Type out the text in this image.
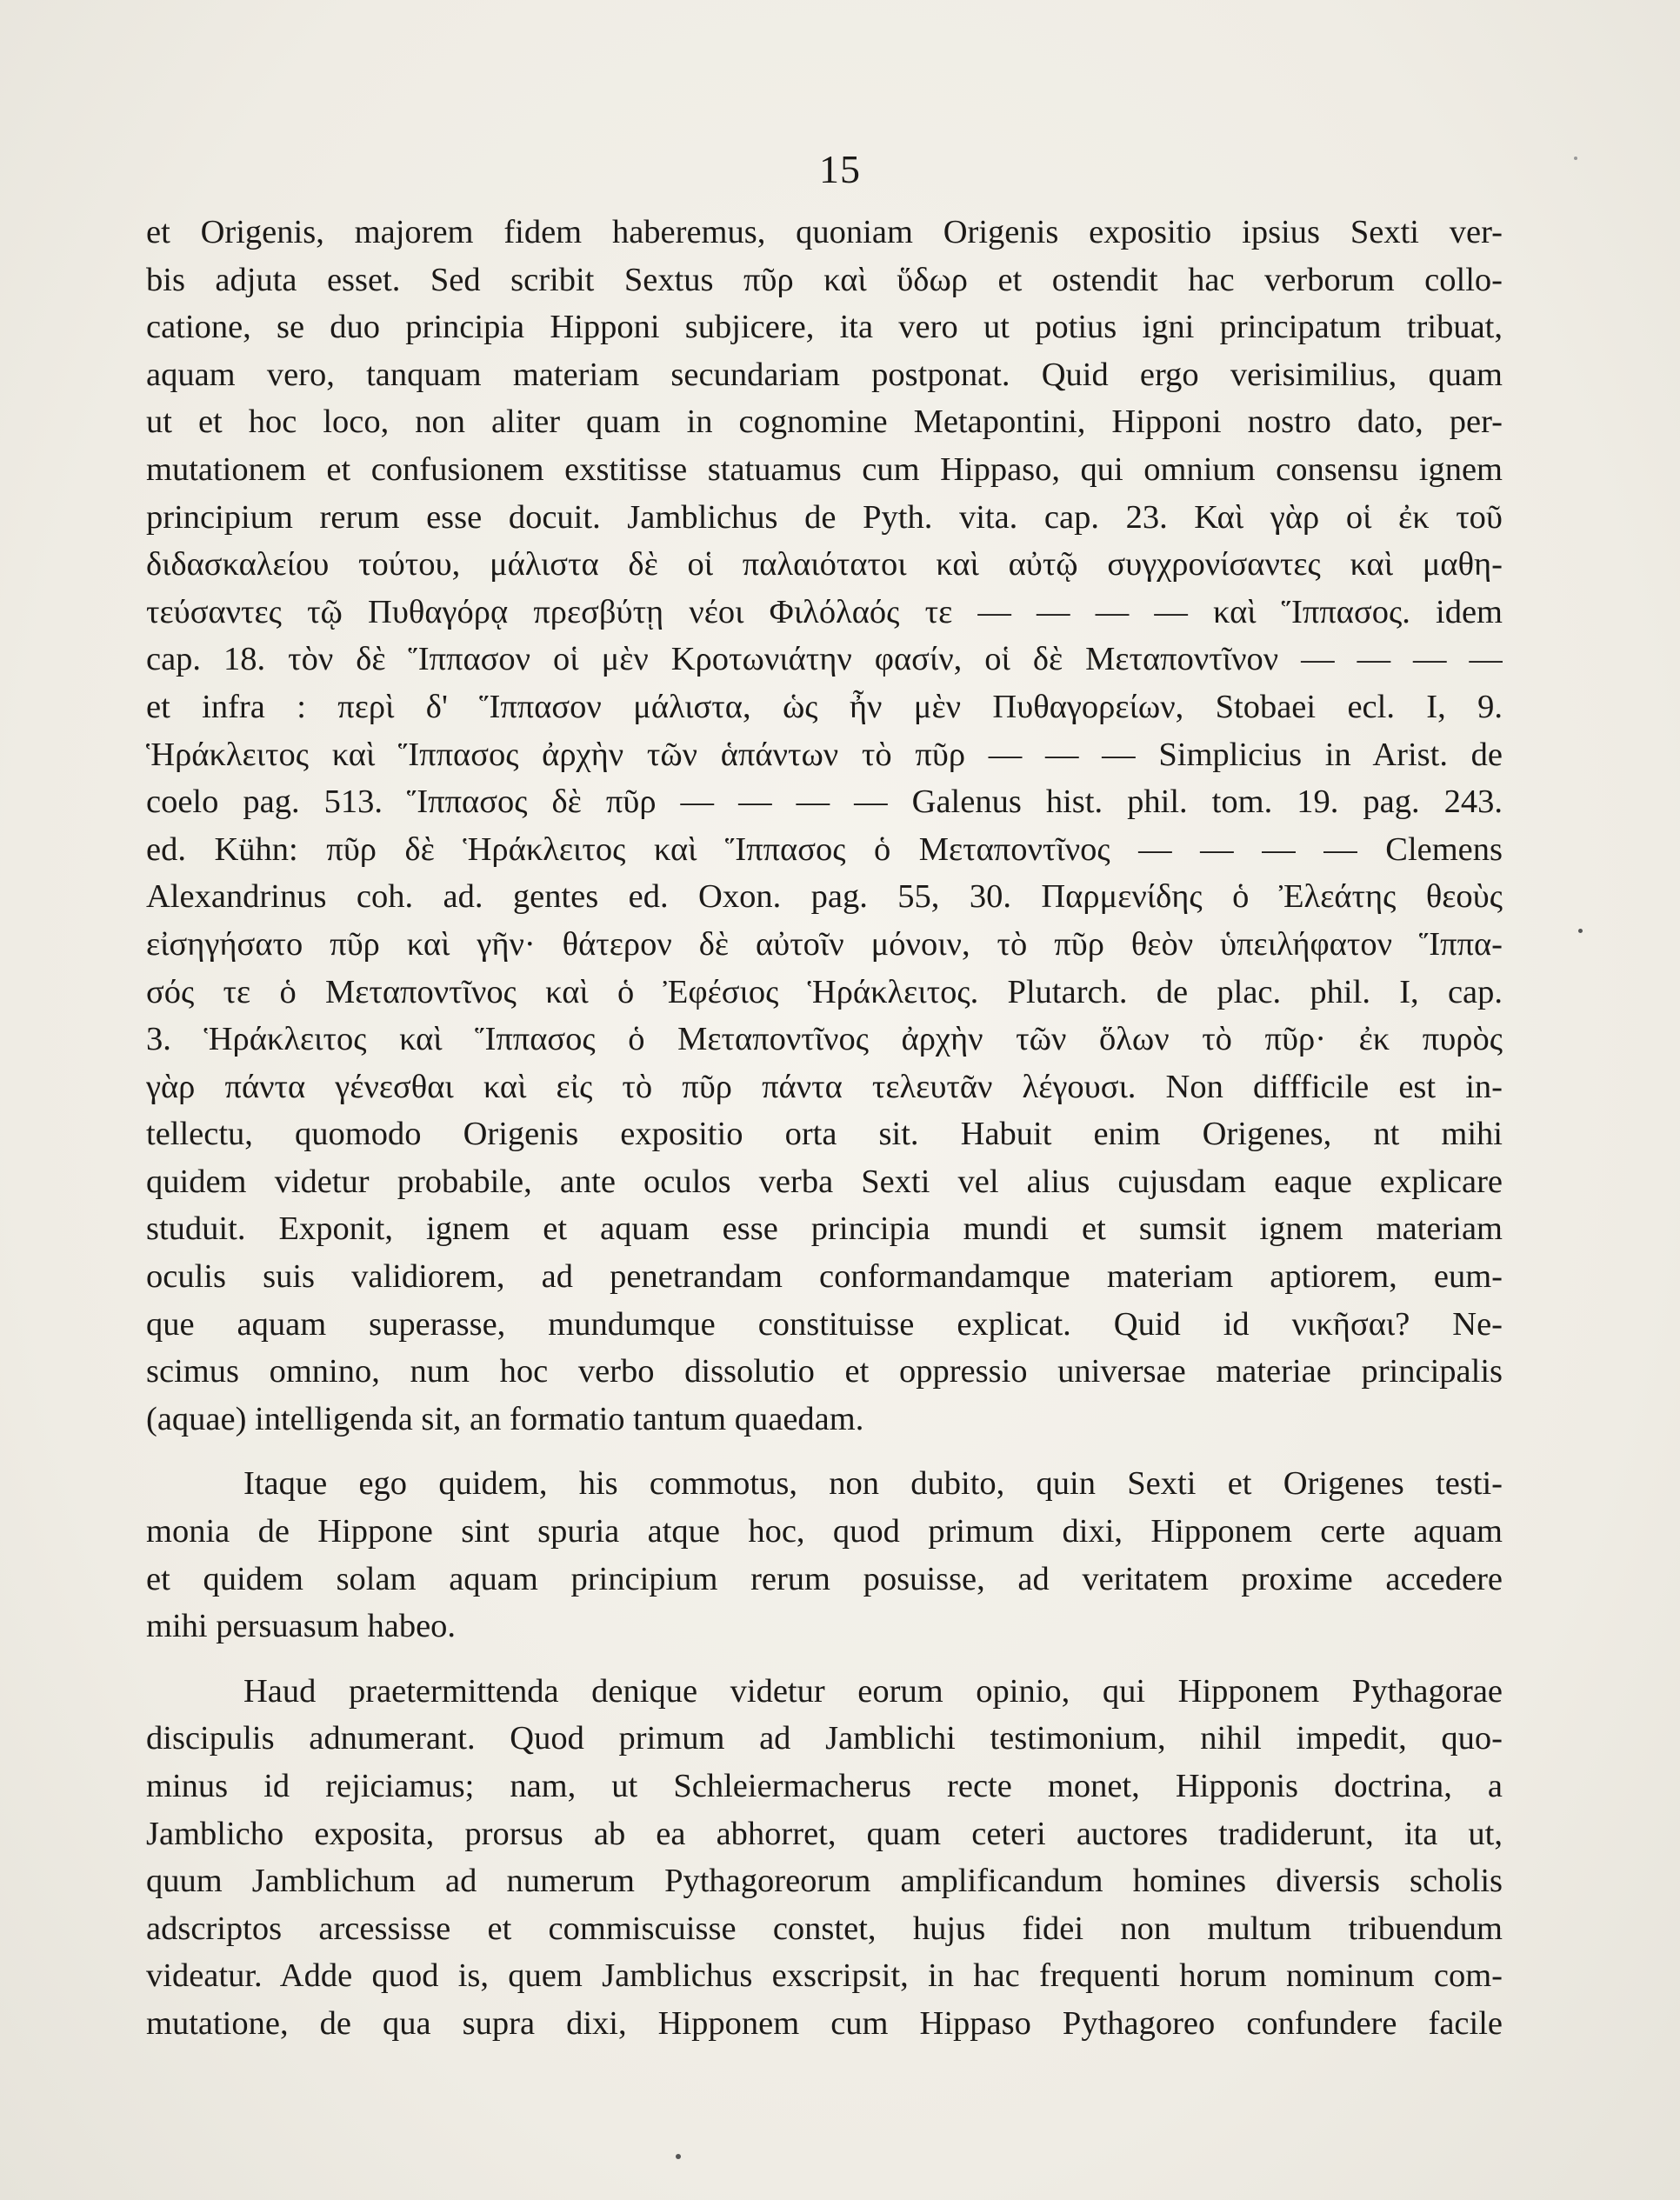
15
et Origenis, majorem fidem haberemus, quoniam Origenis expositio ipsius Sexti ver-
bis adjuta esset. Sed scribit Sextus πῦρ καὶ ὕδωρ et ostendit hac verborum collo-
catione, se duo principia Hipponi subjicere, ita vero ut potius igni principatum tribuat,
aquam vero, tanquam materiam secundariam postponat. Quid ergo verisimilius, quam
ut et hoc loco, non aliter quam in cognomine Metapontini, Hipponi nostro dato, per-
mutationem et confusionem exstitisse statuamus cum Hippaso, qui omnium consensu ignem
principium rerum esse docuit. Jamblichus de Pyth. vita. cap. 23. Καὶ γὰρ οἱ ἐκ τοῦ
διδασκαλείου τούτου, μάλιστα δὲ οἱ παλαιότατοι καὶ αὐτῷ συγχρονίσαντες καὶ μαθη-
τεύσαντες τῷ Πυθαγόρᾳ πρεσβύτῃ νέοι Φιλόλαός τε — — — — καὶ Ἵππασος. idem
cap. 18. τὸν δὲ Ἵππασον οἱ μὲν Κροτωνιάτην φασίν, οἱ δὲ Μεταποντῖνον — — — —
et infra : περὶ δ' Ἵππασον μάλιστα, ὡς ἦν μὲν Πυθαγορείων, Stobaei ecl. I, 9.
Ἡράκλειτος καὶ Ἵππασος ἀρχὴν τῶν ἁπάντων τὸ πῦρ — — — Simplicius in Arist. de
coelo pag. 513. Ἵππασος δὲ πῦρ — — — — Galenus hist. phil. tom. 19. pag. 243.
ed. Kühn: πῦρ δὲ Ἡράκλειτος καὶ Ἵππασος ὁ Μεταποντῖνος — — — — Clemens
Alexandrinus coh. ad. gentes ed. Oxon. pag. 55, 30. Παρμενίδης ὁ Ἐλεάτης θεοὺς
εἰσηγήσατο πῦρ καὶ γῆν· θάτερον δὲ αὐτοῖν μόνοιν, τὸ πῦρ θεὸν ὑπειλήφατον Ἵππα-
σός τε ὁ Μεταποντῖνος καὶ ὁ Ἐφέσιος Ἡράκλειτος. Plutarch. de plac. phil. I, cap.
3. Ἡράκλειτος καὶ Ἵππασος ὁ Μεταποντῖνος ἀρχὴν τῶν ὅλων τὸ πῦρ· ἐκ πυρὸς
γὰρ πάντα γένεσθαι καὶ εἰς τὸ πῦρ πάντα τελευτᾶν λέγουσι. Non diffficile est in-
tellectu, quomodo Origenis expositio orta sit. Habuit enim Origenes, nt mihi
quidem videtur probabile, ante oculos verba Sexti vel alius cujusdam eaque explicare
studuit. Exponit, ignem et aquam esse principia mundi et sumsit ignem materiam
oculis suis validiorem, ad penetrandam conformandamque materiam aptiorem, eum-
que aquam superasse, mundumque constituisse explicat. Quid id νικῆσαι? Ne-
scimus omnino, num hoc verbo dissolutio et oppressio universae materiae principalis
(aquae) intelligenda sit, an formatio tantum quaedam.
Itaque ego quidem, his commotus, non dubito, quin Sexti et Origenes testi-
monia de Hippone sint spuria atque hoc, quod primum dixi, Hipponem certe aquam
et quidem solam aquam principium rerum posuisse, ad veritatem proxime accedere
mihi persuasum habeo.
Haud praetermittenda denique videtur eorum opinio, qui Hipponem Pythagorae
discipulis adnumerant. Quod primum ad Jamblichi testimonium, nihil impedit, quo-
minus id rejiciamus; nam, ut Schleiermacherus recte monet, Hipponis doctrina, a
Jamblicho exposita, prorsus ab ea abhorret, quam ceteri auctores tradiderunt, ita ut,
quum Jamblichum ad numerum Pythagoreorum amplificandum homines diversis scholis
adscriptos arcessisse et commiscuisse constet, hujus fidei non multum tribuendum
videatur. Adde quod is, quem Jamblichus exscripsit, in hac frequenti horum nominum com-
mutatione, de qua supra dixi, Hipponem cum Hippaso Pythagoreo confundere facile
